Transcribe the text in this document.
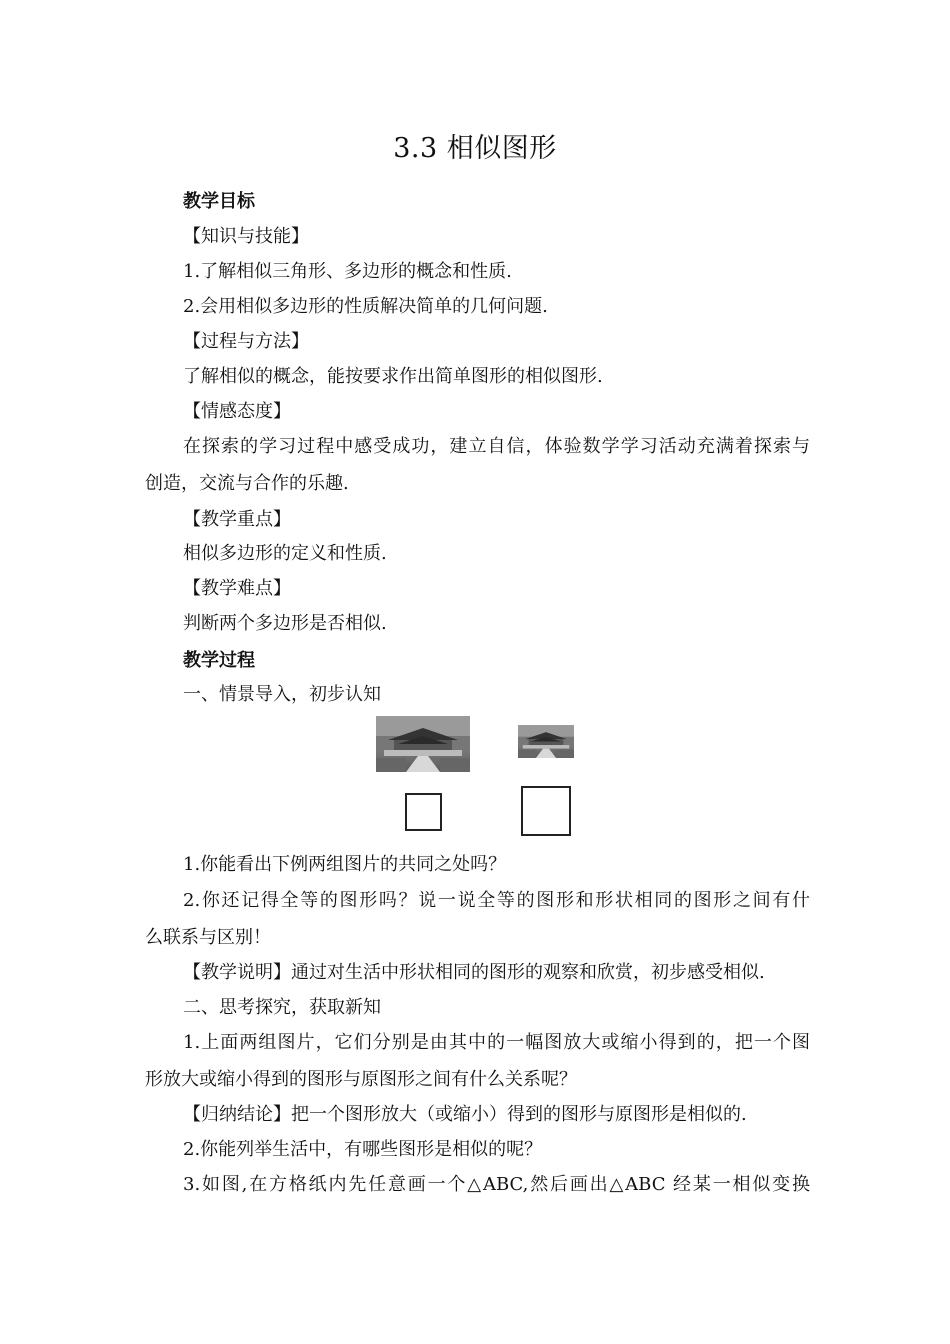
3.3 相似图形
教学目标
【知识与技能】
1.了解相似三角形、多边形的概念和性质.
2.会用相似多边形的性质解决简单的几何问题.
【过程与方法】
了解相似的概念，能按要求作出简单图形的相似图形.
【情感态度】
在探索的学习过程中感受成功，建立自信，体验数学学习活动充满着探索与
创造，交流与合作的乐趣.
【教学重点】
相似多边形的定义和性质.
【教学难点】
判断两个多边形是否相似.
教学过程
一、情景导入，初步认知
1.你能看出下例两组图片的共同之处吗？
2.你还记得全等的图形吗？说一说全等的图形和形状相同的图形之间有什
么联系与区别！
【教学说明】通过对生活中形状相同的图形的观察和欣赏，初步感受相似.
二、思考探究，获取新知
1.上面两组图片，它们分别是由其中的一幅图放大或缩小得到的，把一个图
形放大或缩小得到的图形与原图形之间有什么关系呢？
【归纳结论】把一个图形放大（或缩小）得到的图形与原图形是相似的.
2.你能列举生活中，有哪些图形是相似的呢？
3.如图,在方格纸内先任意画一个△ABC,然后画出△ABC 经某一相似变换
